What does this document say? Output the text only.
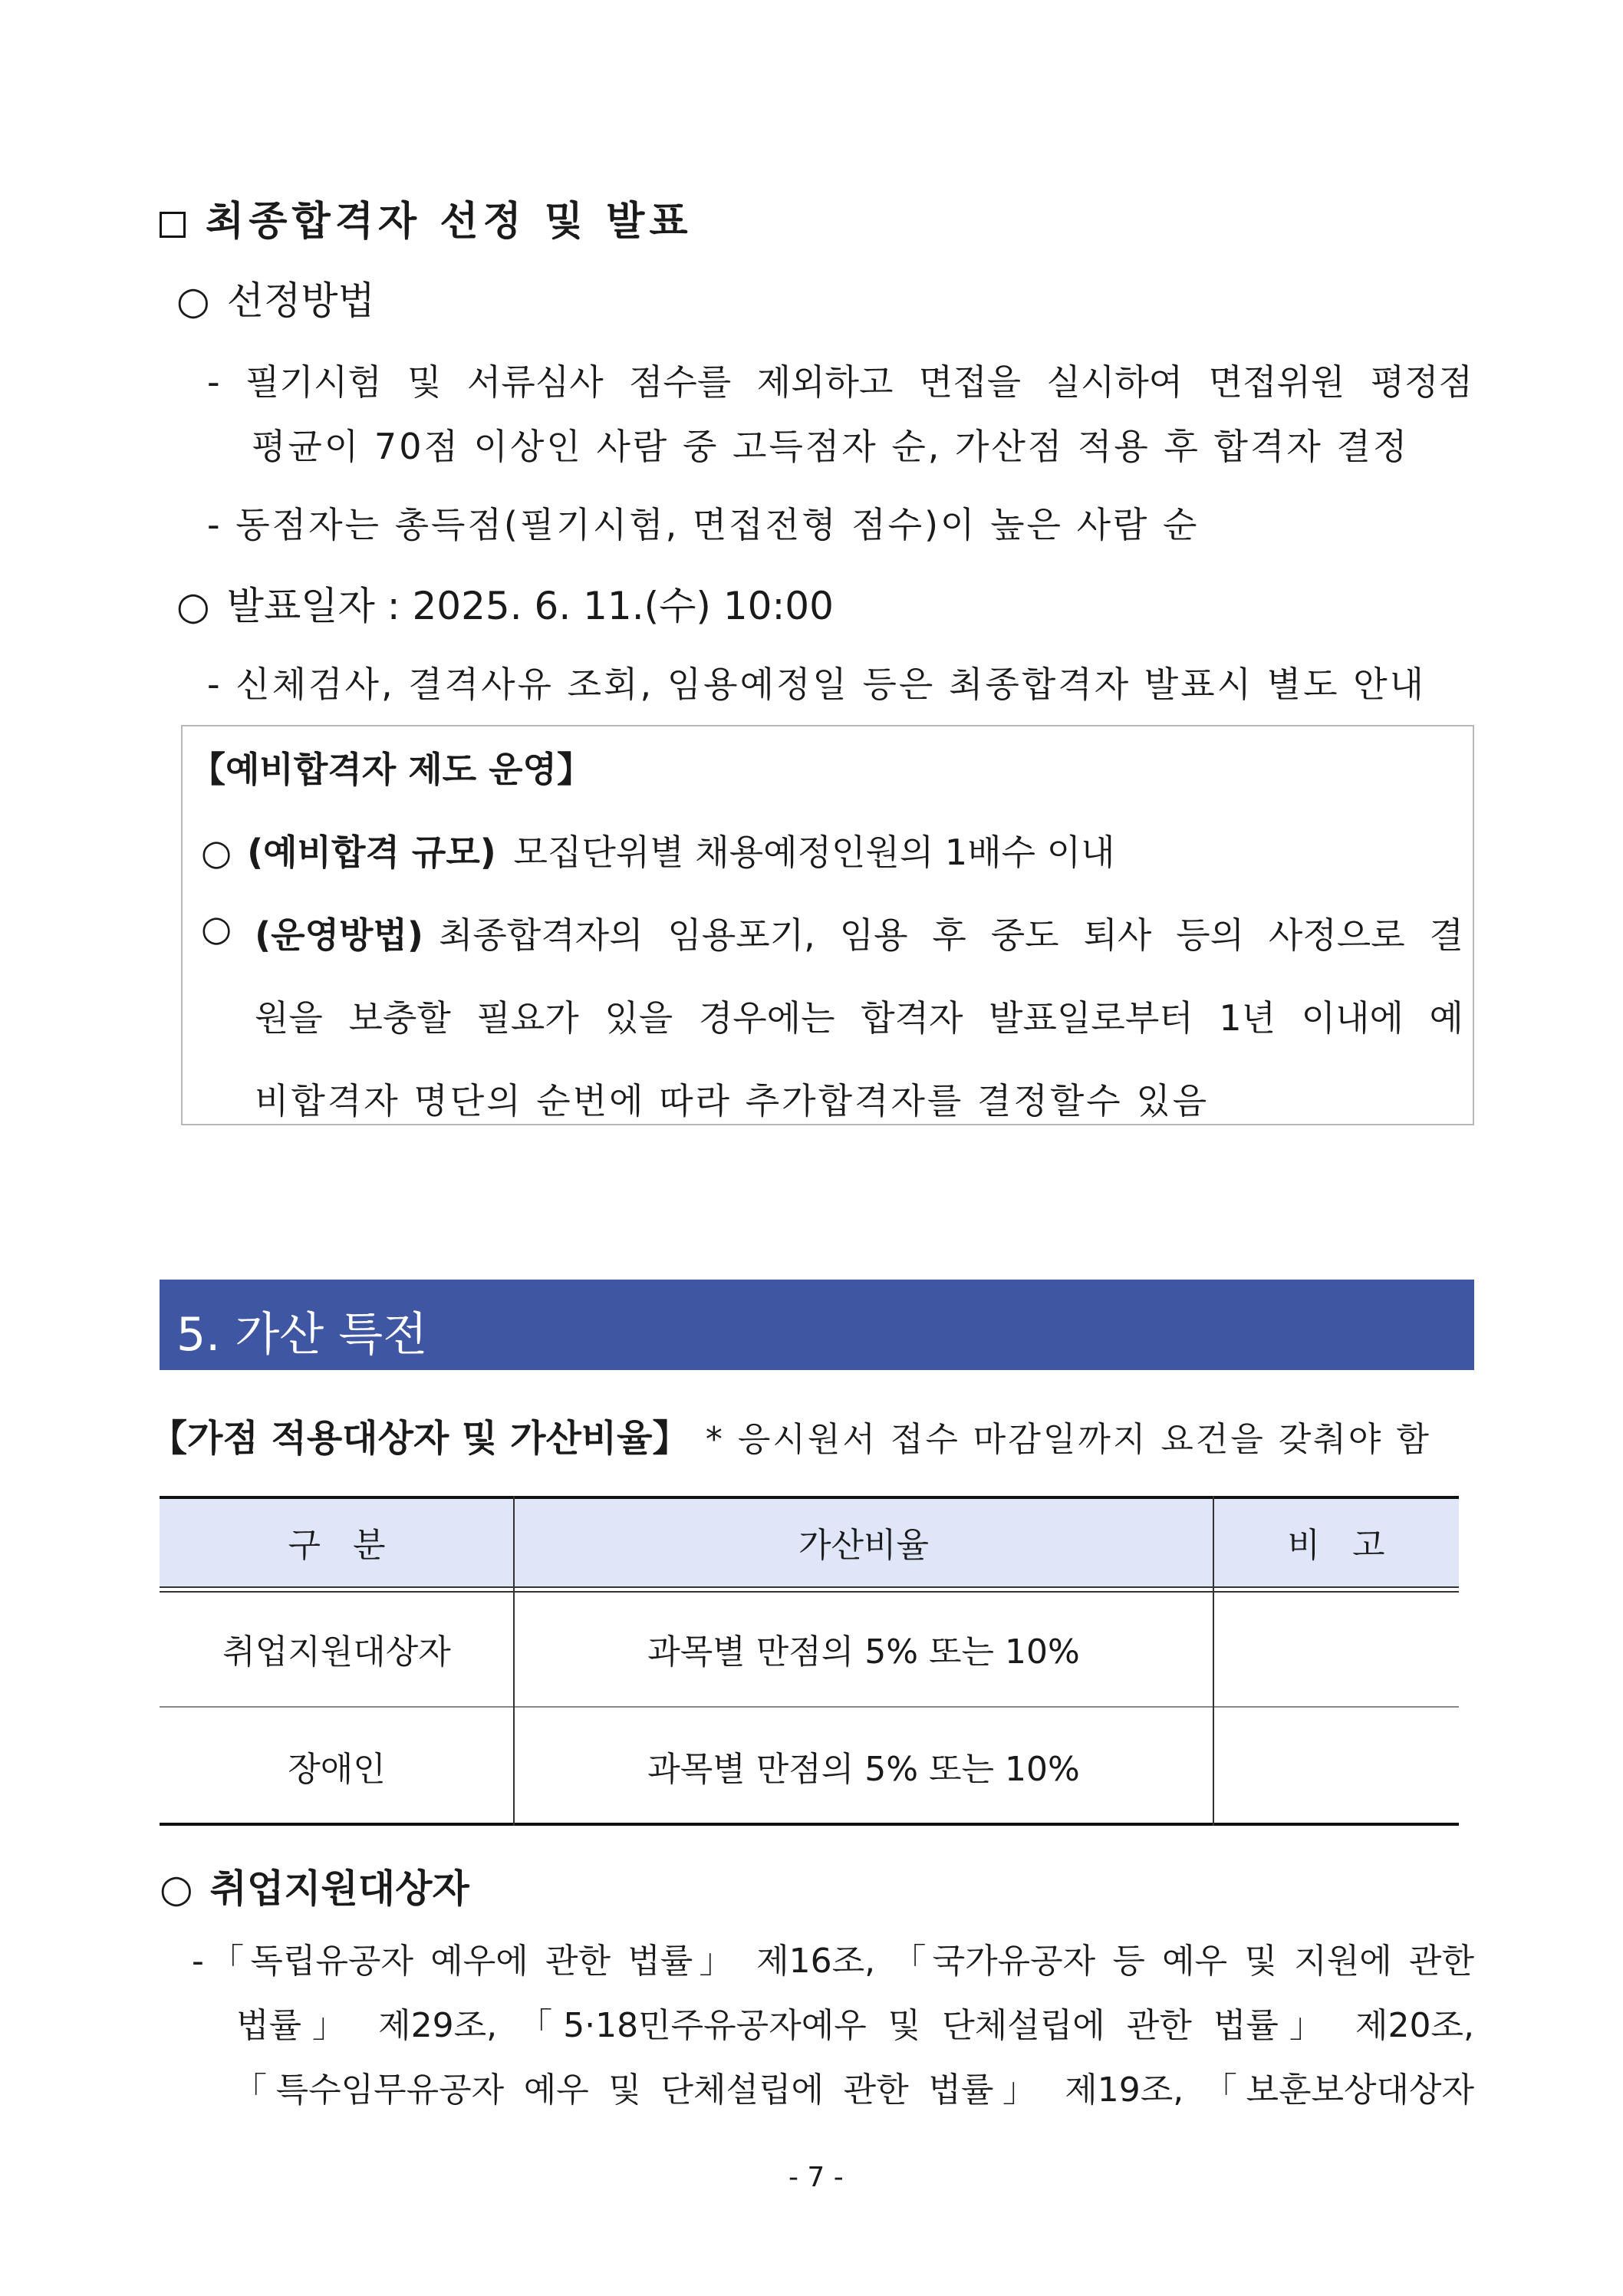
최종합격자 선정 및 발표
○ 선정방법
- 필기시험 및 서류심사 점수를 제외하고 면접을 실시하여 면접위원 평정점
평균이 70점 이상인 사람 중 고득점자 순, 가산점 적용 후 합격자 결정
- 동점자는 총득점(필기시험, 면접전형 점수)이 높은 사람 순
○ 발표일자 : 2025. 6. 11.(수) 10:00
- 신체검사, 결격사유 조회, 임용예정일 등은 최종합격자 발표시 별도 안내
【예비합격자 제도 운영】
○ (예비합격 규모) 모집단위별 채용예정인원의 1배수 이내
○ (운영방법) 최종합격자의 임용포기, 임용 후 중도 퇴사 등의 사정으로 결
원을 보충할 필요가 있을 경우에는 합격자 발표일로부터 1년 이내에 예
비합격자 명단의 순번에 따라 추가합격자를 결정할수 있음
5. 가산 특전
【가점 적용대상자 및 가산비율】 * 응시원서 접수 마감일까지 요건을 갖춰야 함
구   분	가산비율	비   고
취업지원대상자	과목별 만점의 5% 또는 10%
장애인	과목별 만점의 5% 또는 10%
○ 취업지원대상자
-「독립유공자 예우에 관한 법률」 제16조, 「국가유공자 등 예우 및 지원에 관한
법률」 제29조, 「5⋅18민주유공자예우 및 단체설립에 관한 법률」 제20조,
「특수임무유공자 예우 및 단체설립에 관한 법률」 제19조, 「보훈보상대상자
- 7 -
